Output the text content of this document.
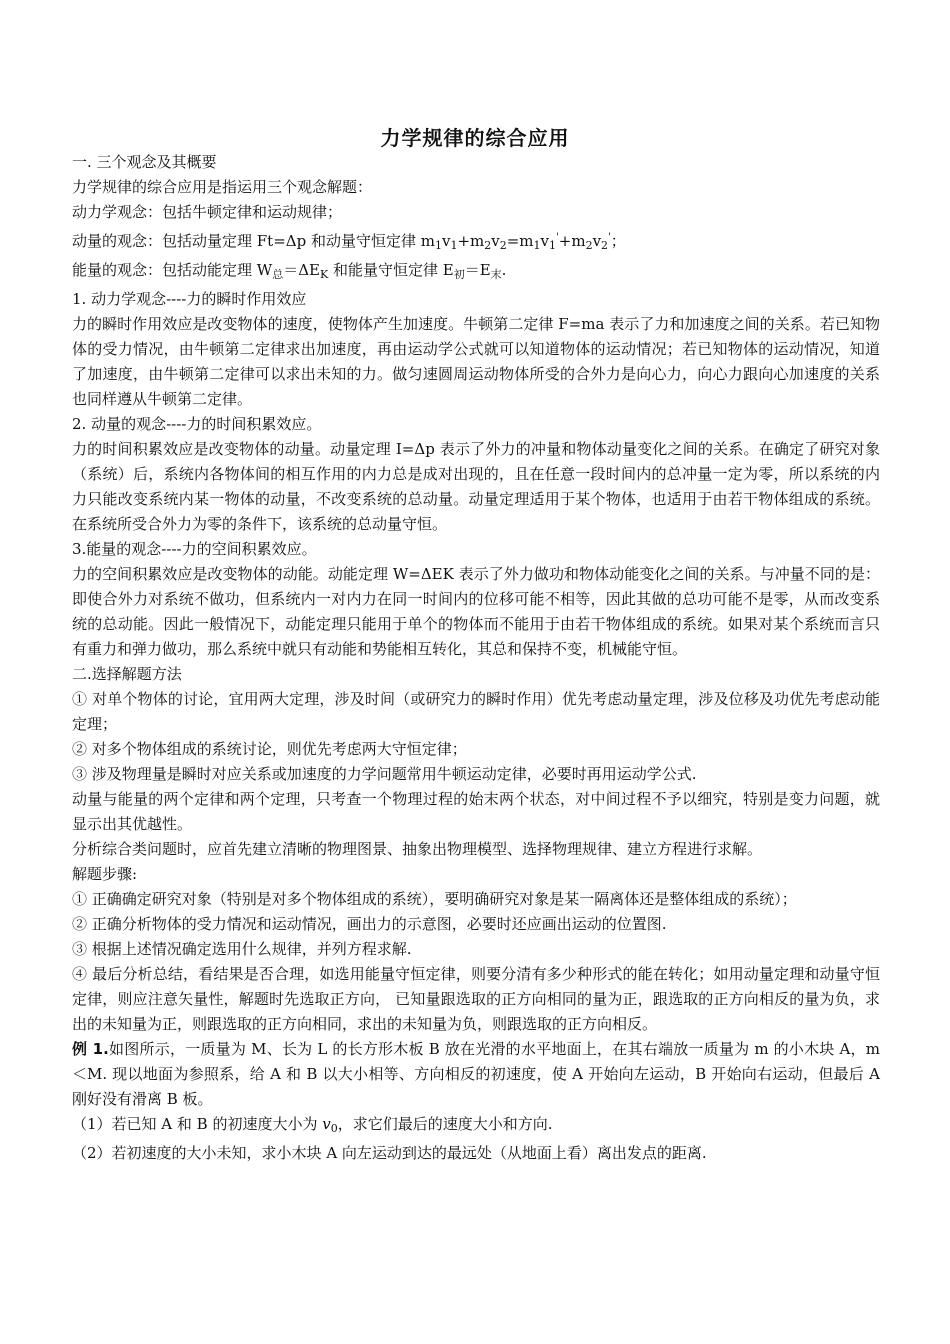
力学规律的综合应用

一. 三个观念及其概要

力学规律的综合应用是指运用三个观念解题：

动力学观念：包括牛顿定律和运动规律；

动量的观念：包括动量定理 Ft=Δp 和动量守恒定律 $m_1v_1+m_2v_2=m_1v_1'+m_2v_2'$；

能量的观念：包括动能定理 $W_总=\Delta E_K$ 和能量守恒定律 $E_初=E_末$.

1. 动力学观念----力的瞬时作用效应

力的瞬时作用效应是改变物体的速度，使物体产生加速度。牛顿第二定律 F=ma 表示了力和加速度之间的关系。若已知物体的受力情况，由牛顿第二定律求出加速度，再由运动学公式就可以知道物体的运动情况；若已知物体的运动情况，知道了加速度，由牛顿第二定律可以求出未知的力。做匀速圆周运动物体所受的合外力是向心力，向心力跟向心加速度的关系也同样遵从牛顿第二定律。

2. 动量的观念----力的时间积累效应。

力的时间积累效应是改变物体的动量。动量定理 I=Δp 表示了外力的冲量和物体动量变化之间的关系。在确定了研究对象（系统）后，系统内各物体间的相互作用的内力总是成对出现的，且在任意一段时间内的总冲量一定为零，所以系统的内力只能改变系统内某一物体的动量，不改变系统的总动量。动量定理适用于某个物体，也适用于由若干物体组成的系统。在系统所受合外力为零的条件下，该系统的总动量守恒。

3.能量的观念----力的空间积累效应。

力的空间积累效应是改变物体的动能。动能定理 W=ΔEK 表示了外力做功和物体动能变化之间的关系。与冲量不同的是：即使合外力对系统不做功，但系统内一对内力在同一时间内的位移可能不相等，因此其做的总功可能不是零，从而改变系统的总动能。因此一般情况下，动能定理只能用于单个的物体而不能用于由若干物体组成的系统。如果对某个系统而言只有重力和弹力做功，那么系统中就只有动能和势能相互转化，其总和保持不变，机械能守恒。

二.选择解题方法

① 对单个物体的讨论，宜用两大定理，涉及时间（或研究力的瞬时作用）优先考虑动量定理，涉及位移及功优先考虑动能定理；

② 对多个物体组成的系统讨论，则优先考虑两大守恒定律；

③ 涉及物理量是瞬时对应关系或加速度的力学问题常用牛顿运动定律，必要时再用运动学公式.

动量与能量的两个定律和两个定理，只考查一个物理过程的始末两个状态，对中间过程不予以细究，特别是变力问题，就显示出其优越性。

分析综合类问题时，应首先建立清晰的物理图景、抽象出物理模型、选择物理规律、建立方程进行求解。

解题步骤:

① 正确确定研究对象（特别是对多个物体组成的系统），要明确研究对象是某一隔离体还是整体组成的系统）；

② 正确分析物体的受力情况和运动情况，画出力的示意图，必要时还应画出运动的位置图.

③ 根据上述情况确定选用什么规律，并列方程求解.

④ 最后分析总结，看结果是否合理，如选用能量守恒定律，则要分清有多少种形式的能在转化；如用动量定理和动量守恒定律，则应注意矢量性，解题时先选取正方向， 已知量跟选取的正方向相同的量为正，跟选取的正方向相反的量为负，求出的未知量为正，则跟选取的正方向相同，求出的未知量为负，则跟选取的正方向相反。

例 1.如图所示，一质量为 M、长为 L 的长方形木板 B 放在光滑的水平地面上，在其右端放一质量为 m 的小木块 A，m＜M. 现以地面为参照系，给 A 和 B 以大小相等、方向相反的初速度，使 A 开始向左运动，B 开始向右运动，但最后 A 刚好没有滑离 B 板。

（1）若已知 A 和 B 的初速度大小为 $v_0$，求它们最后的速度大小和方向.

（2）若初速度的大小未知，求小木块 A 向左运动到达的最远处（从地面上看）离出发点的距离.
